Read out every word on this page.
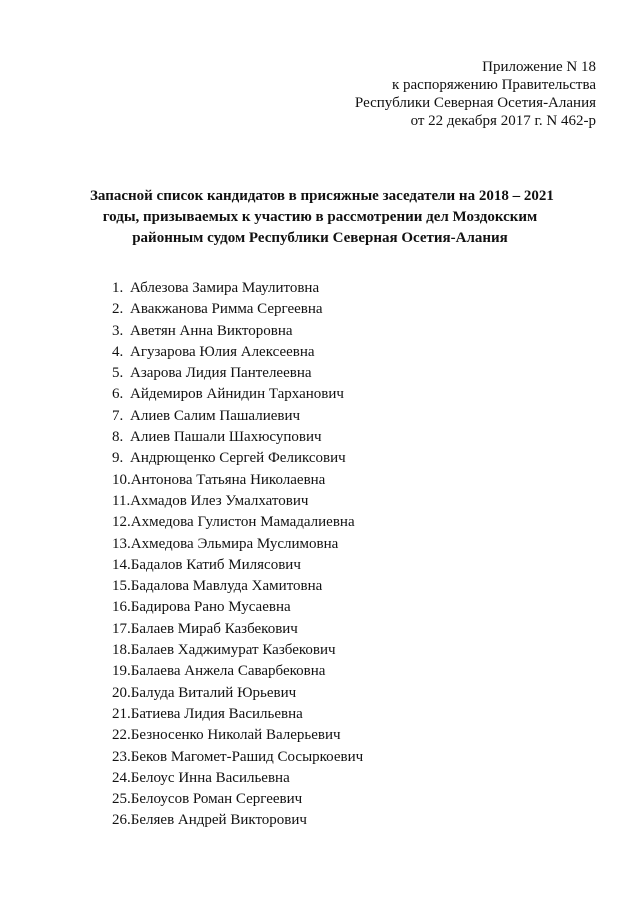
Приложение N 18
к распоряжению Правительства
Республики Северная Осетия-Алания
от 22 декабря 2017 г. N 462-р
Запасной список кандидатов в присяжные заседатели на 2018 – 2021
годы, призываемых к участию в рассмотрении дел Моздокским
районным судом Республики Северная Осетия-Алания
1. Аблезова Замира Маулитовна
2. Авакжанова Римма Сергеевна
3. Аветян Анна Викторовна
4. Агузарова Юлия Алексеевна
5. Азарова Лидия Пантелеевна
6. Айдемиров Айнидин Тарханович
7. Алиев Салим Пашалиевич
8. Алиев Пашали Шахюсупович
9. Андрющенко Сергей Феликсович
10.Антонова Татьяна Николаевна
11.Ахмадов Илез Умалхатович
12.Ахмедова Гулистон Мамадалиевна
13.Ахмедова Эльмира Муслимовна
14.Бадалов Катиб Милясович
15.Бадалова Мавлуда Хамитовна
16.Бадирова Рано Мусаевна
17.Балаев Мираб Казбекович
18.Балаев Хаджимурат Казбекович
19.Балаева Анжела Саварбековна
20.Балуда Виталий Юрьевич
21.Батиева Лидия Васильевна
22.Безносенко Николай Валерьевич
23.Беков Магомет-Рашид Сосыркоевич
24.Белоус Инна Васильевна
25.Белоусов Роман Сергеевич
26.Беляев Андрей Викторович
